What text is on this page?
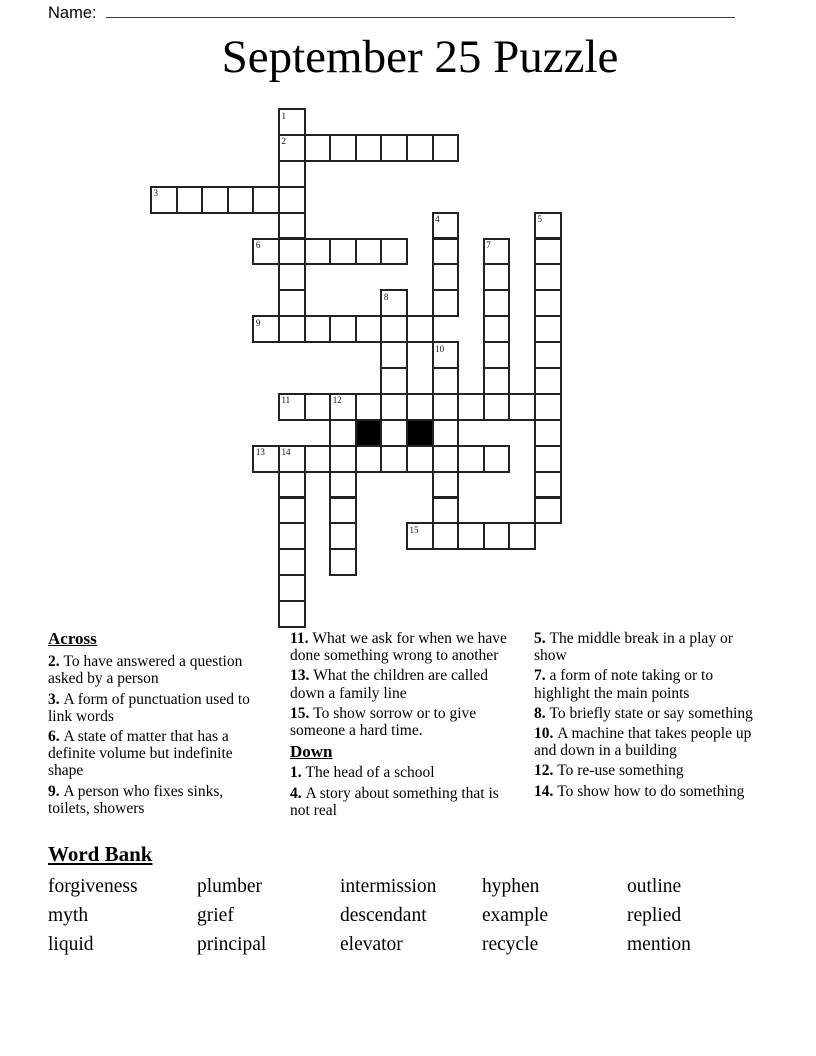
Name:
September 25 Puzzle
1
2
3
4	5
6	7
8
9
10
11	12
13	14
15
Across
2. To have answered a question asked by a person
3. A form of punctuation used to link words
6. A state of matter that has a definite volume but indefinite shape
9. A person who fixes sinks, toilets, showers
11. What we ask for when we have done something wrong to another
13. What the children are called down a family line
15. To show sorrow or to give someone a hard time.
Down
1. The head of a school
4. A story about something that is not real
5. The middle break in a play or show
7. a form of note taking or to highlight the main points
8. To briefly state or say something
10. A machine that takes people up and down in a building
12. To re-use something
14. To show how to do something
Word Bank
forgiveness	plumber	intermission	hyphen	outline
myth	grief	descendant	example	replied
liquid	principal	elevator	recycle	mention
